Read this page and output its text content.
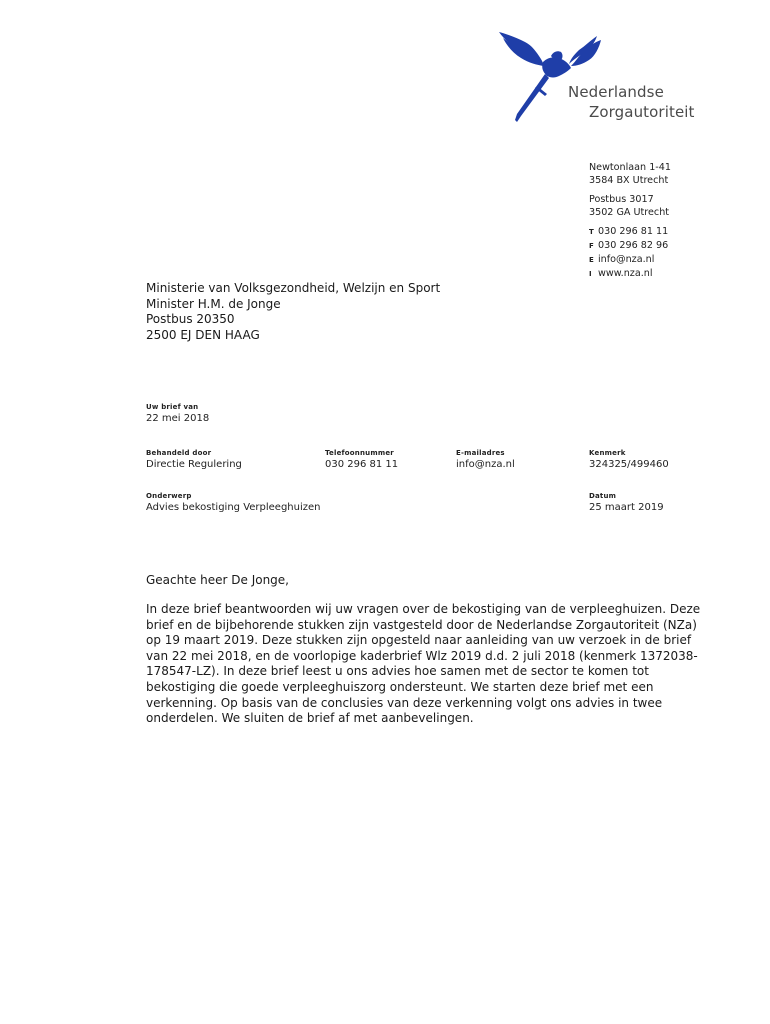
Nederlandse
Zorgautoriteit
Newtonlaan 1-41
3584 BX Utrecht
Postbus 3017
3502 GA Utrecht
T 030 296 81 11
F 030 296 82 96
E info@nza.nl
I www.nza.nl
Ministerie van Volksgezondheid, Welzijn en Sport
Minister H.M. de Jonge
Postbus 20350
2500 EJ DEN HAAG
Uw brief van
22 mei 2018
Behandeld door
Directie Regulering
Telefoonnummer
030 296 81 11
E-mailadres
info@nza.nl
Kenmerk
324325/499460
Onderwerp
Advies bekostiging Verpleeghuizen
Datum
25 maart 2019
Geachte heer De Jonge,
In deze brief beantwoorden wij uw vragen over de bekostiging van de verpleeghuizen. Deze brief en de bijbehorende stukken zijn vastgesteld door de Nederlandse Zorgautoriteit (NZa) op 19 maart 2019. Deze stukken zijn opgesteld naar aanleiding van uw verzoek in de brief van 22 mei 2018, en de voorlopige kaderbrief Wlz 2019 d.d. 2 juli 2018 (kenmerk 1372038-178547-LZ). In deze brief leest u ons advies hoe samen met de sector te komen tot bekostiging die goede verpleeghuiszorg ondersteunt. We starten deze brief met een verkenning. Op basis van de conclusies van deze verkenning volgt ons advies in twee onderdelen. We sluiten de brief af met aanbevelingen.
